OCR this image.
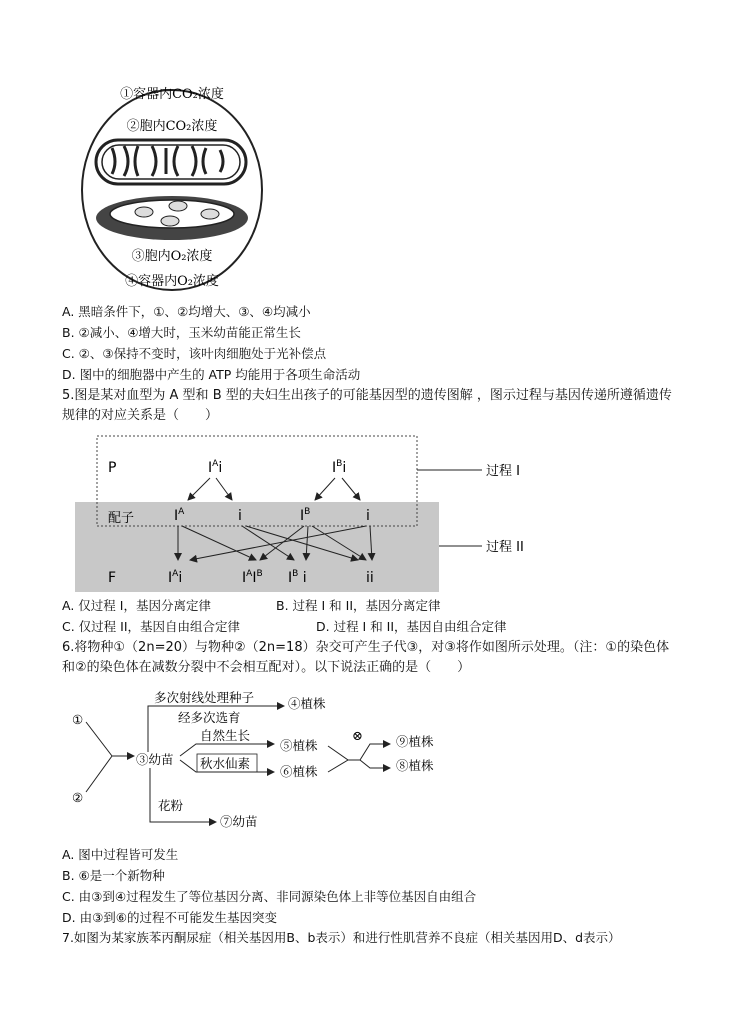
①容器内CO₂浓度
②胞内CO₂浓度
③胞内O₂浓度
④容器内O₂浓度
A. 黑暗条件下，①、②均增大、③、④均减小
B. ②减小、④增大时，玉米幼苗能正常生长
C. ②、③保持不变时，该叶肉细胞处于光补偿点
D. 图中的细胞器中产生的 ATP 均能用于各项生命活动
5.图是某对血型为 A 型和 B 型的夫妇生出孩子的可能基因型的遗传图解 ，图示过程与基因传递所遵循遗传规律的对应关系是（　　）
过程 I
过程 II
P
配子
F
$I^Ai$	$I^Bi$
$I^A$	i	$I^B$	i
$I^Ai$	$I^AI^B$ $I^B$ i	ii
A. 仅过程 I，基因分离定律	B. 过程 I 和 II，基因分离定律
C. 仅过程 II，基因自由组合定律	D. 过程 I 和 II，基因自由组合定律
6.将物种①（2n=20）与物种②（2n=18）杂交可产生子代③，对③将作如图所示处理。（注：①的染色体和②的染色体在减数分裂中不会相互配对）。以下说法正确的是（　　）
①
②
③幼苗
多次射线处理种子
经多次选育
④植株
自然生长
秋水仙素
⑤植株
⑥植株
⊗	⑨植株
⑧植株
花粉
⑦幼苗
A. 图中过程皆可发生
B. ⑥是一个新物种
C. 由③到④过程发生了等位基因分离、非同源染色体上非等位基因自由组合
D. 由③到⑥的过程不可能发生基因突变
7.如图为某家族苯丙酮尿症（相关基因用B、b表示）和进行性肌营养不良症（相关基因用D、d表示）
